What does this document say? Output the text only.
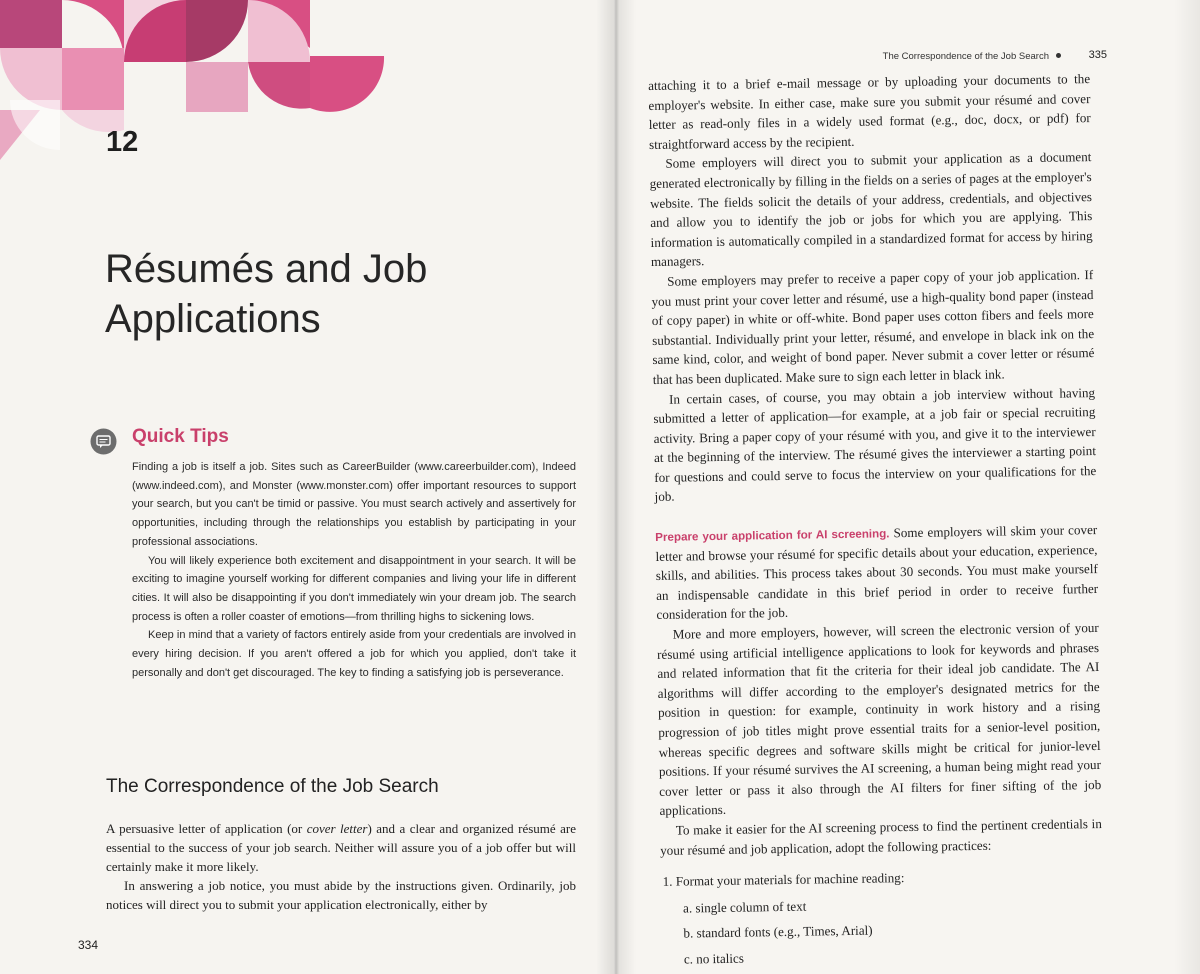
12
Résumés and Job Applications
Quick Tips

Finding a job is itself a job. Sites such as CareerBuilder (www.careerbuilder.com), Indeed (www.indeed.com), and Monster (www.monster.com) offer important resources to support your search, but you can't be timid or passive. You must search actively and assertively for opportunities, including through the relationships you establish by participating in your professional associations.

You will likely experience both excitement and disappointment in your search. It will be exciting to imagine yourself working for different companies and living your life in different cities. It will also be disappointing if you don't immediately win your dream job. The search process is often a roller coaster of emotions—from thrilling highs to sickening lows.

Keep in mind that a variety of factors entirely aside from your credentials are involved in every hiring decision. If you aren't offered a job for which you applied, don't take it personally and don't get discouraged. The key to finding a satisfying job is perseverance.

The Correspondence of the Job Search

A persuasive letter of application (or cover letter) and a clear and organized résumé are essential to the success of your job search. Neither will assure you of a job offer but will certainly make it more likely.

In answering a job notice, you must abide by the instructions given. Ordinarily, job notices will direct you to submit your application electronically, either by

334
The Correspondence of the Job Search	335

attaching it to a brief e-mail message or by uploading your documents to the employer's website. In either case, make sure you submit your résumé and cover letter as read-only files in a widely used format (e.g., doc, docx, or pdf) for straightforward access by the recipient.

Some employers will direct you to submit your application as a document generated electronically by filling in the fields on a series of pages at the employer's website. The fields solicit the details of your address, credentials, and objectives and allow you to identify the job or jobs for which you are applying. This information is automatically compiled in a standardized format for access by hiring managers.

Some employers may prefer to receive a paper copy of your job application. If you must print your cover letter and résumé, use a high-quality bond paper (instead of copy paper) in white or off-white. Bond paper uses cotton fibers and feels more substantial. Individually print your letter, résumé, and envelope in black ink on the same kind, color, and weight of bond paper. Never submit a cover letter or résumé that has been duplicated. Make sure to sign each letter in black ink.

In certain cases, of course, you may obtain a job interview without having submitted a letter of application—for example, at a job fair or special recruiting activity. Bring a paper copy of your résumé with you, and give it to the interviewer at the beginning of the interview. The résumé gives the interviewer a starting point for questions and could serve to focus the interview on your qualifications for the job.

Prepare your application for AI screening. Some employers will skim your cover letter and browse your résumé for specific details about your education, experience, skills, and abilities. This process takes about 30 seconds. You must make yourself an indispensable candidate in this brief period in order to receive further consideration for the job.

More and more employers, however, will screen the electronic version of your résumé using artificial intelligence applications to look for keywords and phrases and related information that fit the criteria for their ideal job candidate. The AI algorithms will differ according to the employer's designated metrics for the position in question: for example, continuity in work history and a rising progression of job titles might prove essential traits for a senior-level position, whereas specific degrees and software skills might be critical for junior-level positions. If your résumé survives the AI screening, a human being might read your cover letter or pass it also through the AI filters for finer sifting of the job applications.

To make it easier for the AI screening process to find the pertinent credentials in your résumé and job application, adopt the following practices:

1. Format your materials for machine reading:
a. single column of text
b. standard fonts (e.g., Times, Arial)
c. no italics
